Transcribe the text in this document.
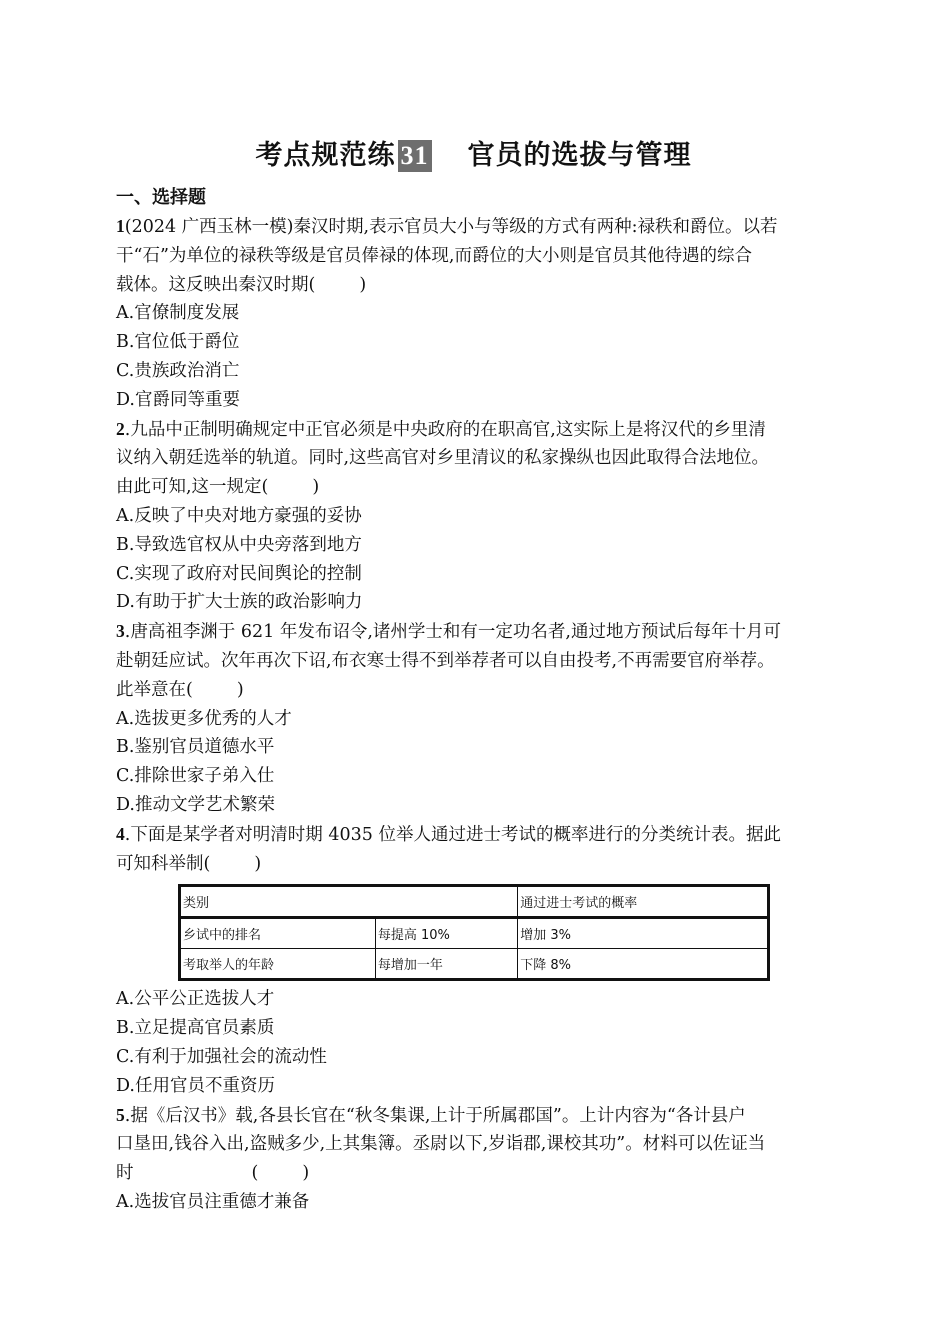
考点规范练 31 官员的选拔与管理
一、选择题

1(2024 广西玉林一模)秦汉时期,表示官员大小与等级的方式有两种:禄秩和爵位。以若

干“石”为单位的禄秩等级是官员俸禄的体现,而爵位的大小则是官员其他待遇的综合

载体。这反映出秦汉时期(	)

A.官僚制度发展

B.官位低于爵位

C.贵族政治消亡

D.官爵同等重要

2.九品中正制明确规定中正官必须是中央政府的在职高官,这实际上是将汉代的乡里清

议纳入朝廷选举的轨道。同时,这些高官对乡里清议的私家操纵也因此取得合法地位。

由此可知,这一规定(	)

A.反映了中央对地方豪强的妥协

B.导致选官权从中央旁落到地方

C.实现了政府对民间舆论的控制

D.有助于扩大士族的政治影响力

3.唐高祖李渊于 621 年发布诏令,诸州学士和有一定功名者,通过地方预试后每年十月可

赴朝廷应试。次年再次下诏,布衣寒士得不到举荐者可以自由投考,不再需要官府举荐。

此举意在(	)

A.选拔更多优秀的人才

B.鉴别官员道德水平

C.排除世家子弟入仕

D.推动文学艺术繁荣

4.下面是某学者对明清时期 4035 位举人通过进士考试的概率进行的分类统计表。据此

可知科举制(	)

类别		通过进士考试的概率
乡试中的排名	每提高 10%	增加 3%
考取举人的年龄	每增加一年	下降 8%

A.公平公正选拔人才

B.立足提高官员素质

C.有利于加强社会的流动性

D.任用官员不重资历

5.据《后汉书》载,各县长官在“秋冬集课,上计于所属郡国”。上计内容为“各计县户

口垦田,钱谷入出,盗贼多少,上其集簿。丞尉以下,岁诣郡,课校其功”。材料可以佐证当

时	(	)

A.选拔官员注重德才兼备
